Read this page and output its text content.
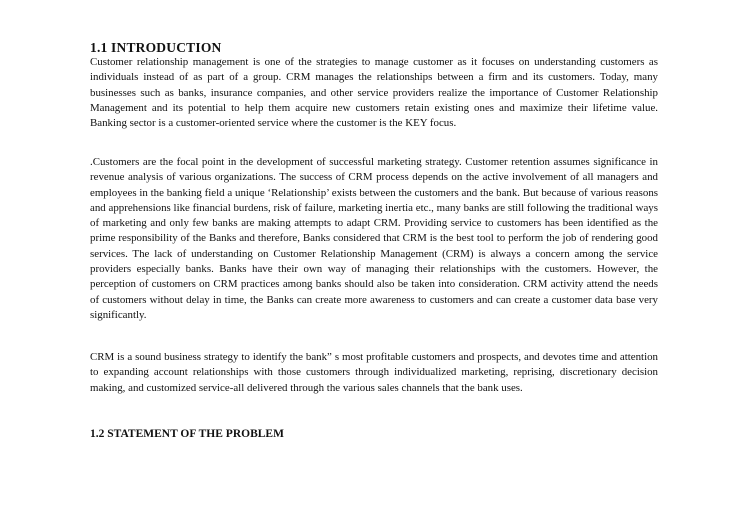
1.1 INTRODUCTION

Customer relationship management is one of the strategies to manage customer as it focuses on understanding customers as individuals instead of as part of a group. CRM manages the relationships between a firm and its customers. Today, many businesses such as banks, insurance companies, and other service providers realize the importance of Customer Relationship Management and its potential to help them acquire new customers retain existing ones and maximize their lifetime value. Banking sector is a customer-oriented service where the customer is the KEY focus.

.Customers are the focal point in the development of successful marketing strategy. Customer retention assumes significance in revenue analysis of various organizations. The success of CRM process depends on the active involvement of all managers and employees in the banking field a unique ‘Relationship’ exists between the customers and the bank. But because of various reasons and apprehensions like financial burdens, risk of failure, marketing inertia etc., many banks are still following the traditional ways of marketing and only few banks are making attempts to adapt CRM. Providing service to customers has been identified as the prime responsibility of the Banks and therefore, Banks considered that CRM is the best tool to perform the job of rendering good services. The lack of understanding on Customer Relationship Management (CRM) is always a concern among the service providers especially banks. Banks have their own way of managing their relationships with the customers. However, the perception of customers on CRM practices among banks should also be taken into consideration. CRM activity attend the needs of customers without delay in time, the Banks can create more awareness to customers and can create a customer data base very significantly.

CRM is a sound business strategy to identify the bank” s most profitable customers and prospects, and devotes time and attention to expanding account relationships with those customers through individualized marketing, reprising, discretionary decision making, and customized service-all delivered through the various sales channels that the bank uses.

1.2 STATEMENT OF THE PROBLEM
